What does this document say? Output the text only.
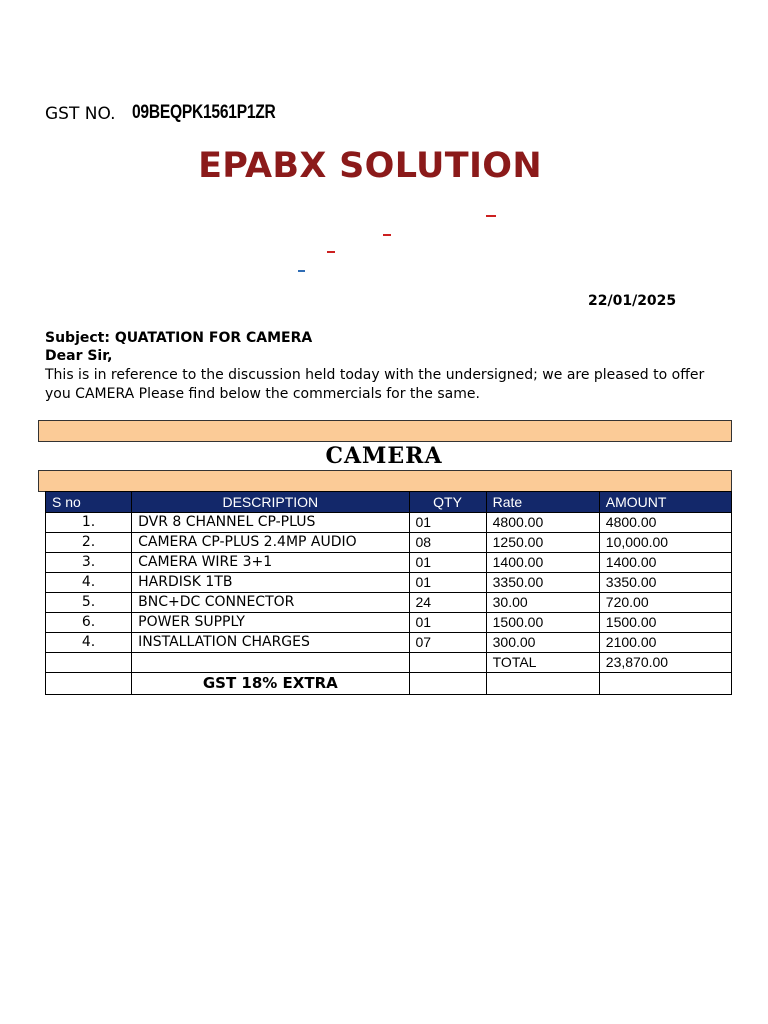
GST NO. 09BEQPK1561P1ZR
EPABX SOLUTION
22/01/2025
Subject: QUATATION FOR CAMERA
Dear Sir,
This is in reference to the discussion held today with the undersigned; we are pleased to offer you CAMERA Please find below the commercials for the same.
CAMERA
S no	DESCRIPTION	QTY	Rate	AMOUNT
1.	DVR 8 CHANNEL CP-PLUS	01	4800.00	4800.00
2.	CAMERA CP-PLUS 2.4MP AUDIO	08	1250.00	10,000.00
3.	CAMERA WIRE 3+1	01	1400.00	1400.00
4.	HARDISK 1TB	01	3350.00	3350.00
5.	BNC+DC CONNECTOR	24	30.00	720.00
6.	POWER SUPPLY	01	1500.00	1500.00
4.	INSTALLATION CHARGES	07	300.00	2100.00
			TOTAL	23,870.00
	GST 18% EXTRA			
